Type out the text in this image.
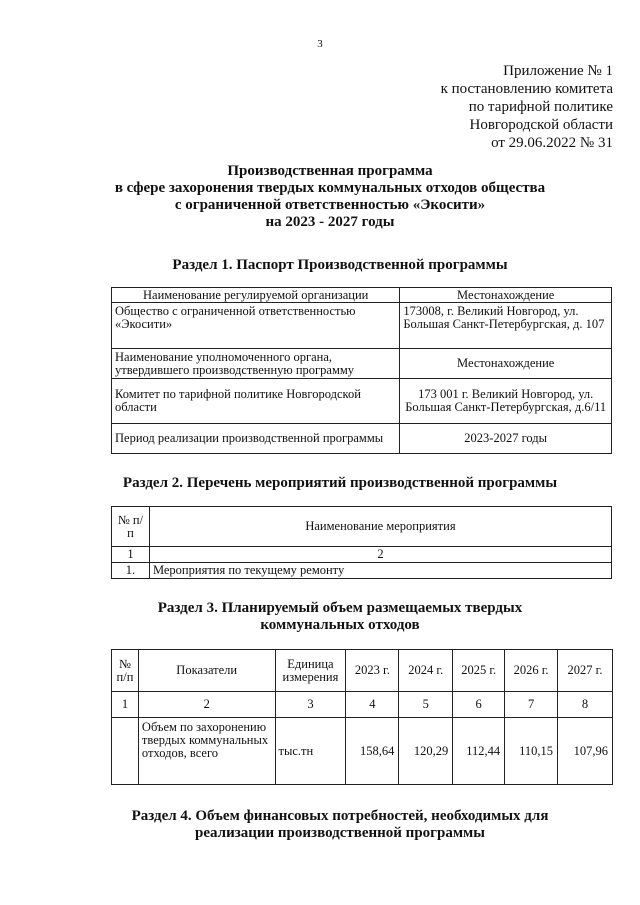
3
Приложение № 1
к постановлению комитета
по тарифной политике
Новгородской области
от 29.06.2022 № 31
Производственная программа
в сфере захоронения твердых коммунальных отходов общества
с ограниченной ответственностью «Экосити»
на 2023 - 2027 годы
Раздел 1. Паспорт Производственной программы
Наименование регулируемой организации	Местонахождение
Общество с ограниченной ответственностью «Экосити»	173008, г. Великий Новгород, ул. Большая Санкт-Петербургская, д. 107
Наименование уполномоченного органа, утвердившего производственную программу	Местонахождение
Комитет по тарифной политике Новгородской области	173 001 г. Великий Новгород, ул. Большая Санкт-Петербургская, д.6/11
Период реализации производственной программы	2023-2027 годы
Раздел 2. Перечень мероприятий производственной программы
№ п/п	Наименование мероприятия
1	2
1.	Мероприятия по текущему ремонту
Раздел 3. Планируемый объем размещаемых твердых
коммунальных отходов
№ п/п	Показатели	Единица измерения	2023 г.	2024 г.	2025 г.	2026 г.	2027 г.
1	2	3	4	5	6	7	8
	Объем по захоронению твердых коммунальных отходов, всего	тыс.тн	158,64	120,29	112,44	110,15	107,96
Раздел 4. Объем финансовых потребностей, необходимых для
реализации производственной программы
